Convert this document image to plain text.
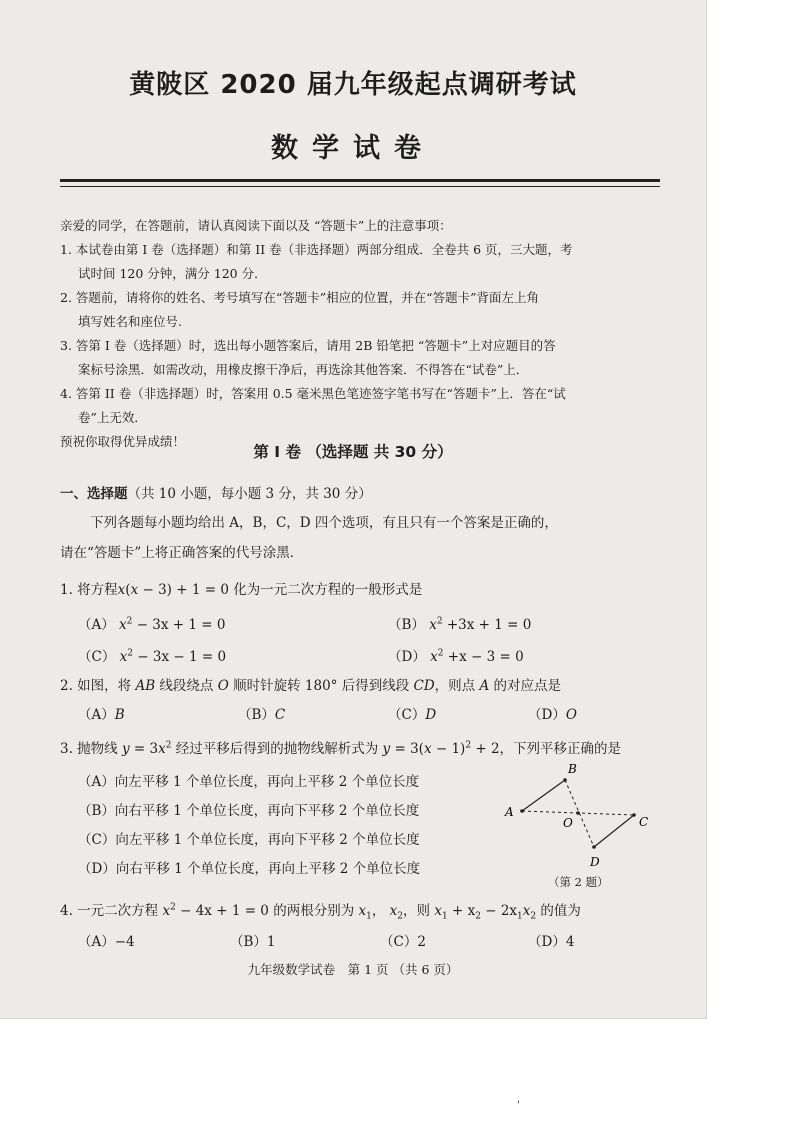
黄陂区 2020 届九年级起点调研考试
数学试卷
亲爱的同学，在答题前，请认真阅读下面以及 “答题卡”上的注意事项：
1. 本试卷由第 I 卷（选择题）和第 II 卷（非选择题）两部分组成．全卷共 6 页，三大题，考
试时间 120 分钟，满分 120 分．
2. 答题前，请将你的姓名、考号填写在“答题卡”相应的位置，并在“答题卡”背面左上角
填写姓名和座位号.
3. 答第 I 卷（选择题）时，选出每小题答案后，请用 2B 铅笔把 “答题卡”上对应题目的答
案标号涂黑．如需改动，用橡皮擦干净后，再选涂其他答案．不得答在“试卷”上．
4. 答第 II 卷（非选择题）时，答案用 0.5 毫米黑色笔迹签字笔书写在“答题卡”上．答在“试
卷”上无效．
预祝你取得优异成绩！
第 I 卷 （选择题 共 30 分）
一、选择题（共 10 小题，每小题 3 分，共 30 分）
下列各题每小题均给出 A，B，C，D 四个选项，有且只有一个答案是正确的，
请在“答题卡”上将正确答案的代号涂黑．
1. 将方程x(x − 3) + 1 = 0 化为一元二次方程的一般形式是
（A） $x^2 - 3x + 1 = 0$	（B） $x^2 +3x + 1 = 0$
（C） $x^2 - 3x - 1 = 0$	（D） $x^2 +x - 3 = 0$
2. 如图，将 AB 线段绕点 O 顺时针旋转 180° 后得到线段 CD，则点 A 的对应点是
（A）B	（B）C	（C）D	（D）O
3. 抛物线 $y = 3x^2$ 经过平移后得到的抛物线解析式为 $y = 3(x - 1)^2 + 2$，下列平移正确的是
（A）向左平移 1 个单位长度，再向上平移 2 个单位长度
（B）向右平移 1 个单位长度，再向下平移 2 个单位长度
（C）向左平移 1 个单位长度，再向下平移 2 个单位长度
（D）向右平移 1 个单位长度，再向上平移 2 个单位长度
A
B
C
D
O
（第 2 题）
4. 一元二次方程 $x^2 - 4x + 1 = 0$ 的两根分别为 $x_1$， $x_2$，则 $x_1 + x_2 - 2x_1x_2$ 的值为
（A）−4	（B）1	（C）2	（D）4
九年级数学试卷　第 1 页 （共 6 页）
'
